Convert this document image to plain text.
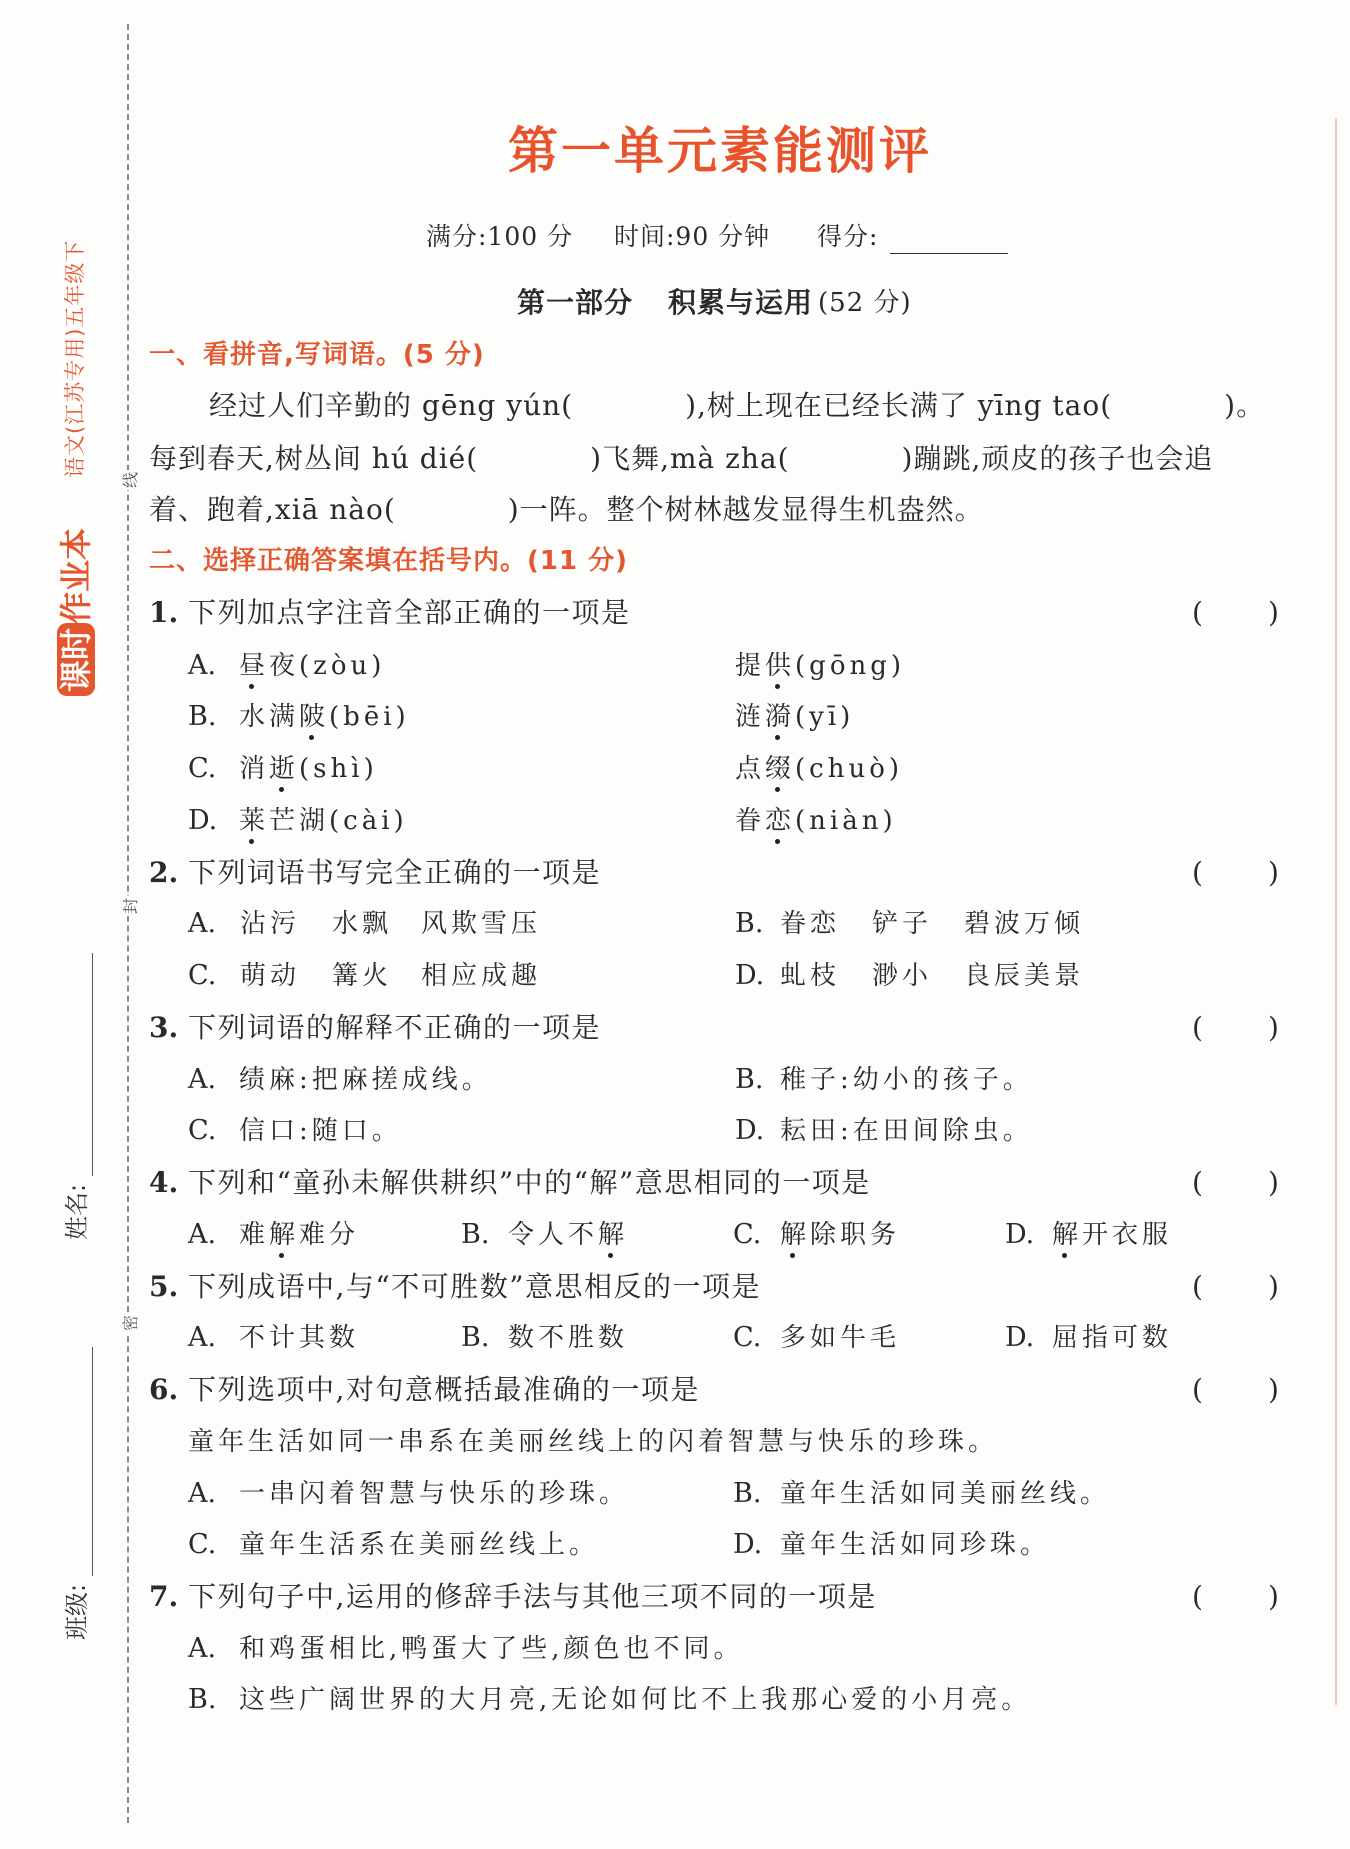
语文(江苏专用)五年级下
课时作业本
姓名:
班级:
线
封
密
第一单元素能测评
满分:100 分 时间:90 分钟 得分:
第一部分 积累与运用 (52 分)
一、看拼音,写词语。(5 分)
经过人们辛勤的 gēng yún(	),树上现在已经长满了 yīng tao(	)。
每到春天,树丛间 hú dié(	)飞舞,mà zha(	)蹦跳,顽皮的孩子也会追
着、跑着,xiā nào(	)一阵。整个树林越发显得生机盎然。
二、选择正确答案填在括号内。(11 分)
1. 下列加点字注音全部正确的一项是	( )
A. 昼夜(zòu)	提供(gōng)
B. 水满陂(bēi)	涟漪(yī)
C. 消逝(shì)	点缀(chuò)
D. 莱芒湖(cài)	眷恋(niàn)
2. 下列词语书写完全正确的一项是	( )
A. 沾污 水飘 风欺雪压	B. 眷恋 铲子 碧波万倾
C. 萌动 篝火 相应成趣	D. 虬枝 渺小 良辰美景
3. 下列词语的解释不正确的一项是	( )
A. 绩麻:把麻搓成线。	B. 稚子:幼小的孩子。
C. 信口:随口。	D. 耘田:在田间除虫。
4. 下列和“童孙未解供耕织”中的“解”意思相同的一项是	( )
A. 难解难分	B. 令人不解	C. 解除职务	D. 解开衣服
5. 下列成语中,与“不可胜数”意思相反的一项是	( )
A. 不计其数	B. 数不胜数	C. 多如牛毛	D. 屈指可数
6. 下列选项中,对句意概括最准确的一项是	( )
童年生活如同一串系在美丽丝线上的闪着智慧与快乐的珍珠。
A. 一串闪着智慧与快乐的珍珠。	B. 童年生活如同美丽丝线。
C. 童年生活系在美丽丝线上。	D. 童年生活如同珍珠。
7. 下列句子中,运用的修辞手法与其他三项不同的一项是	( )
A. 和鸡蛋相比,鸭蛋大了些,颜色也不同。
B. 这些广阔世界的大月亮,无论如何比不上我那心爱的小月亮。
